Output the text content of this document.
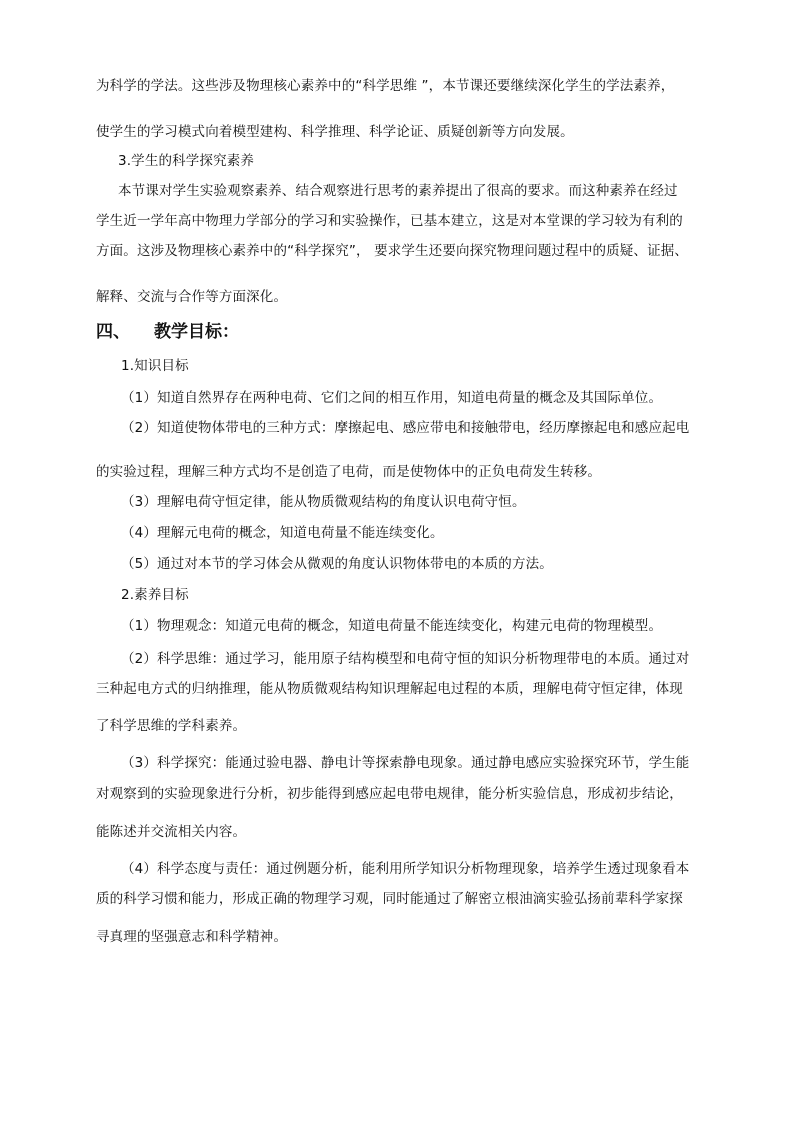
为科学的学法。这些涉及物理核心素养中的“科学思维 ”，本节课还要继续深化学生的学法素养，
使学生的学习模式向着模型建构、科学推理、科学论证、质疑创新等方向发展。
3.学生的科学探究素养
本节课对学生实验观察素养、结合观察进行思考的素养提出了很高的要求。而这种素养在经过
学生近一学年高中物理力学部分的学习和实验操作，已基本建立，这是对本堂课的学习较为有利的
方面。这涉及物理核心素养中的“科学探究”， 要求学生还要向探究物理问题过程中的质疑、证据、
解释、交流与合作等方面深化。
四、 教学目标：
1.知识目标
（1）知道自然界存在两种电荷、它们之间的相互作用，知道电荷量的概念及其国际单位。
（2）知道使物体带电的三种方式：摩擦起电、感应带电和接触带电，经历摩擦起电和感应起电
的实验过程，理解三种方式均不是创造了电荷，而是使物体中的正负电荷发生转移。
（3）理解电荷守恒定律，能从物质微观结构的角度认识电荷守恒。
（4）理解元电荷的概念，知道电荷量不能连续变化。
（5）通过对本节的学习体会从微观的角度认识物体带电的本质的方法。
2.素养目标
（1）物理观念：知道元电荷的概念，知道电荷量不能连续变化，构建元电荷的物理模型。
（2）科学思维：通过学习，能用原子结构模型和电荷守恒的知识分析物理带电的本质。通过对
三种起电方式的归纳推理，能从物质微观结构知识理解起电过程的本质，理解电荷守恒定律，体现
了科学思维的学科素养。
（3）科学探究：能通过验电器、静电计等探索静电现象。通过静电感应实验探究环节，学生能
对观察到的实验现象进行分析，初步能得到感应起电带电规律，能分析实验信息，形成初步结论，
能陈述并交流相关内容。
（4）科学态度与责任：通过例题分析，能利用所学知识分析物理现象，培养学生透过现象看本
质的科学习惯和能力，形成正确的物理学习观，同时能通过了解密立根油滴实验弘扬前辈科学家探
寻真理的坚强意志和科学精神。
